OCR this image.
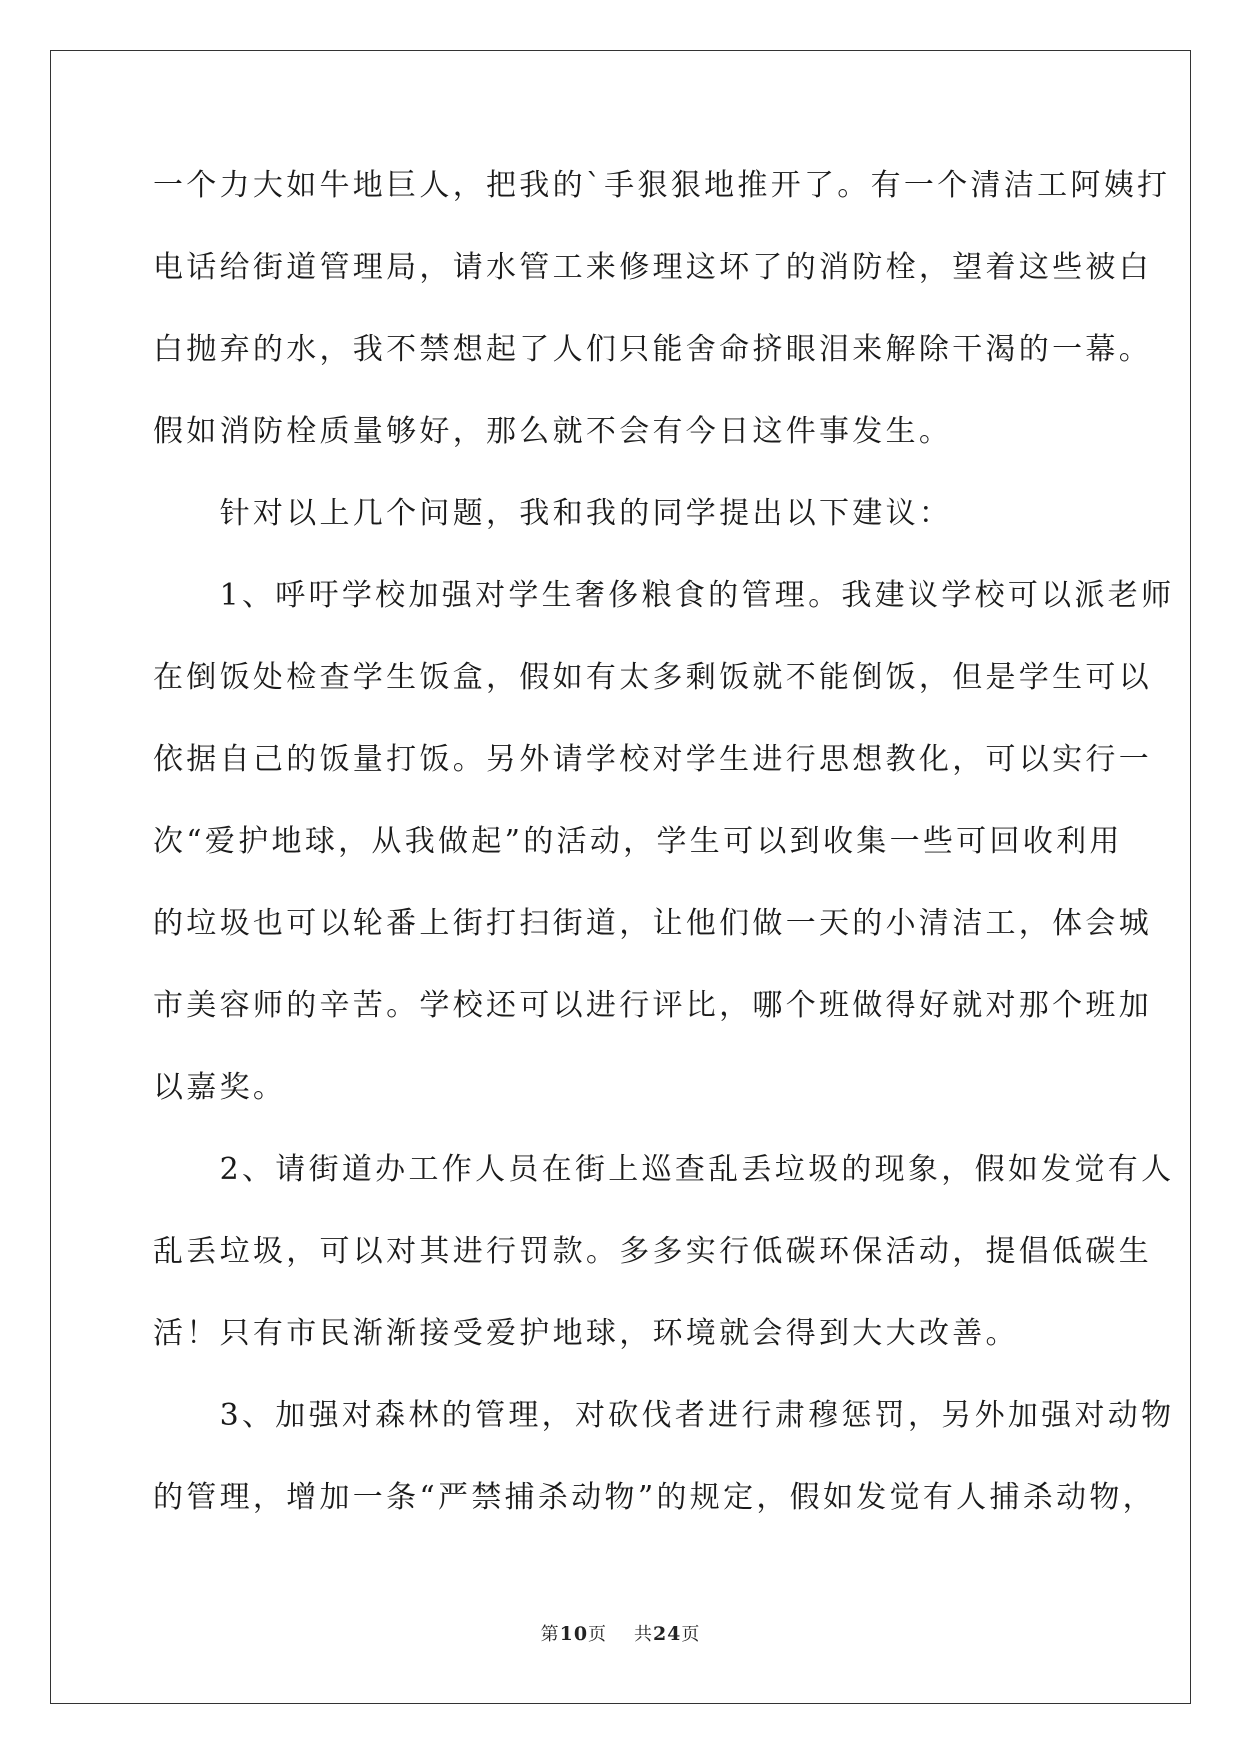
一个力大如牛地巨人，把我的`手狠狠地推开了。有一个清洁工阿姨打
电话给街道管理局，请水管工来修理这坏了的消防栓，望着这些被白
白抛弃的水，我不禁想起了人们只能舍命挤眼泪来解除干渴的一幕。
假如消防栓质量够好，那么就不会有今日这件事发生。
　　针对以上几个问题，我和我的同学提出以下建议：
　　1、呼吁学校加强对学生奢侈粮食的管理。我建议学校可以派老师
在倒饭处检查学生饭盒，假如有太多剩饭就不能倒饭，但是学生可以
依据自己的饭量打饭。另外请学校对学生进行思想教化，可以实行一
次“爱护地球，从我做起”的活动，学生可以到收集一些可回收利用
的垃圾也可以轮番上街打扫街道，让他们做一天的小清洁工，体会城
市美容师的辛苦。学校还可以进行评比，哪个班做得好就对那个班加
以嘉奖。
　　2、请街道办工作人员在街上巡查乱丢垃圾的现象，假如发觉有人
乱丢垃圾，可以对其进行罚款。多多实行低碳环保活动，提倡低碳生
活！只有市民渐渐接受爱护地球，环境就会得到大大改善。
　　3、加强对森林的管理，对砍伐者进行肃穆惩罚，另外加强对动物
的管理，增加一条“严禁捕杀动物”的规定，假如发觉有人捕杀动物，
第10页 共24页
